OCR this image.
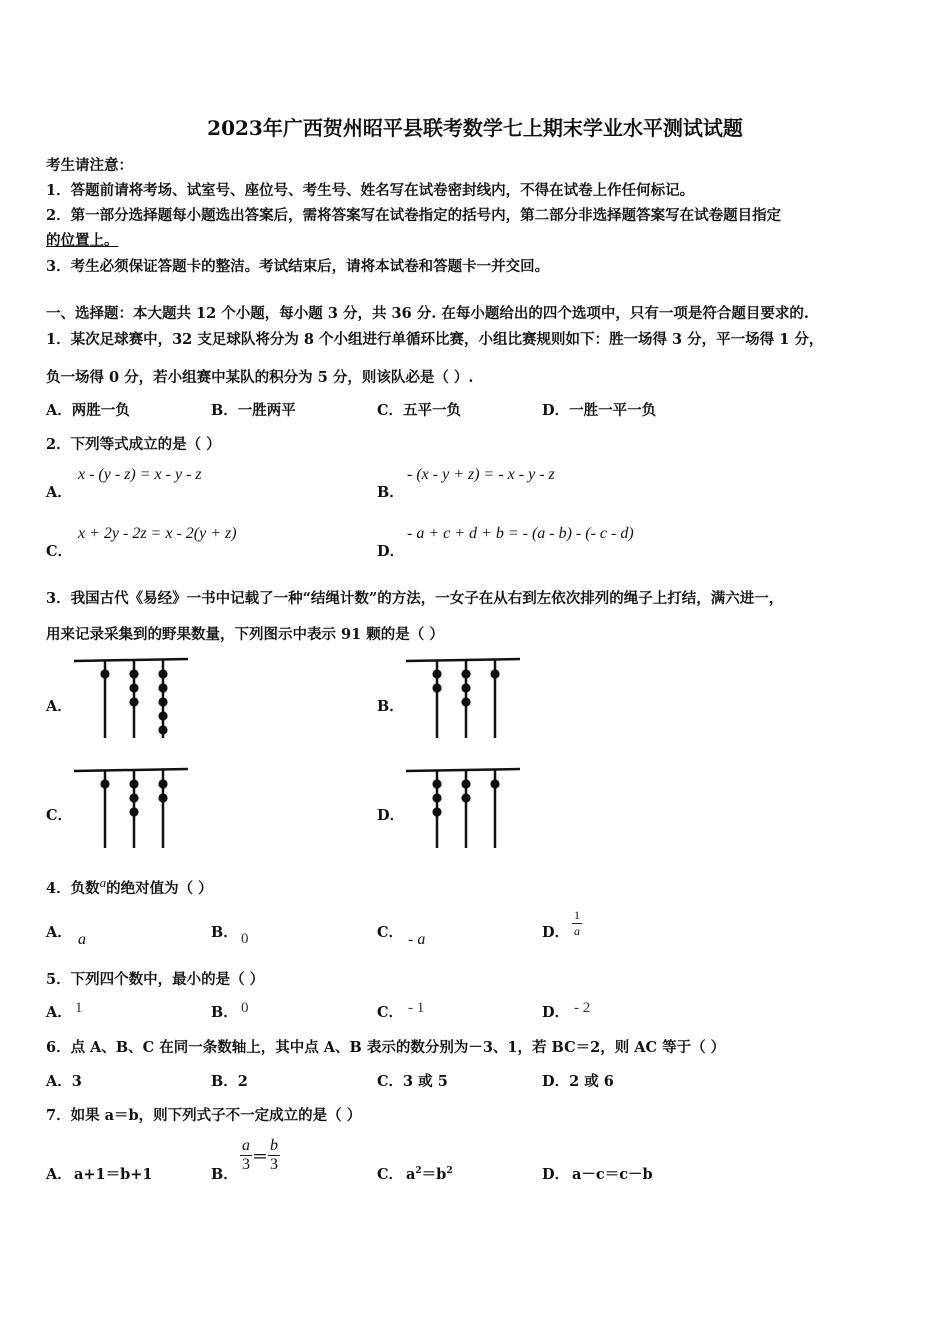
2023年广西贺州昭平县联考数学七上期末学业水平测试试题
考生请注意：
1．答题前请将考场、试室号、座位号、考生号、姓名写在试卷密封线内，不得在试卷上作任何标记。
2．第一部分选择题每小题选出答案后，需将答案写在试卷指定的括号内，第二部分非选择题答案写在试卷题目指定
的位置上。
3．考生必须保证答题卡的整洁。考试结束后，请将本试卷和答题卡一并交回。
一、选择题：本大题共 12 个小题，每小题 3 分，共 36 分. 在每小题给出的四个选项中，只有一项是符合题目要求的.
1．某次足球赛中，32 支足球队将分为 8 个小组进行单循环比赛，小组比赛规则如下：胜一场得 3 分，平一场得 1 分，
负一场得 0 分，若小组赛中某队的积分为 5 分，则该队必是（ ）.
A．两胜一负	B．一胜两平	C．五平一负	D．一胜一平一负
2．下列等式成立的是（ ）
A．
x - (y - z) = x - y - z
B．
- (x - y + z) = - x - y - z
C．
x + 2y - 2z = x - 2(y + z)
D．
- a + c + d + b = - (a - b) - (- c - d)
3．我国古代《易经》一书中记载了一种“结绳计数”的方法，一女子在从右到左依次排列的绳子上打结，满六进一，
用来记录采集到的野果数量，下列图示中表示 91 颗的是（ ）
A．	B．
C．	D．
4．负数a的绝对值为（ ）
A． a	B． 0	C． - a	D． $\frac{1}{a}$
5．下列四个数中，最小的是（ ）
A． 1	B． 0	C． - 1	D． - 2
6．点 A、B、C 在同一条数轴上，其中点 A、B 表示的数分别为－3、1，若 BC＝2，则 AC 等于（ ）
A．3	B．2	C．3 或 5	D．2 或 6
7．如果 a＝b，则下列式子不一定成立的是（ ）
A． a+1＝b+1	B．
$\frac{a}{3} = \frac{b}{3}$
C． $a^2=b^2$	D． a－c＝c－b
